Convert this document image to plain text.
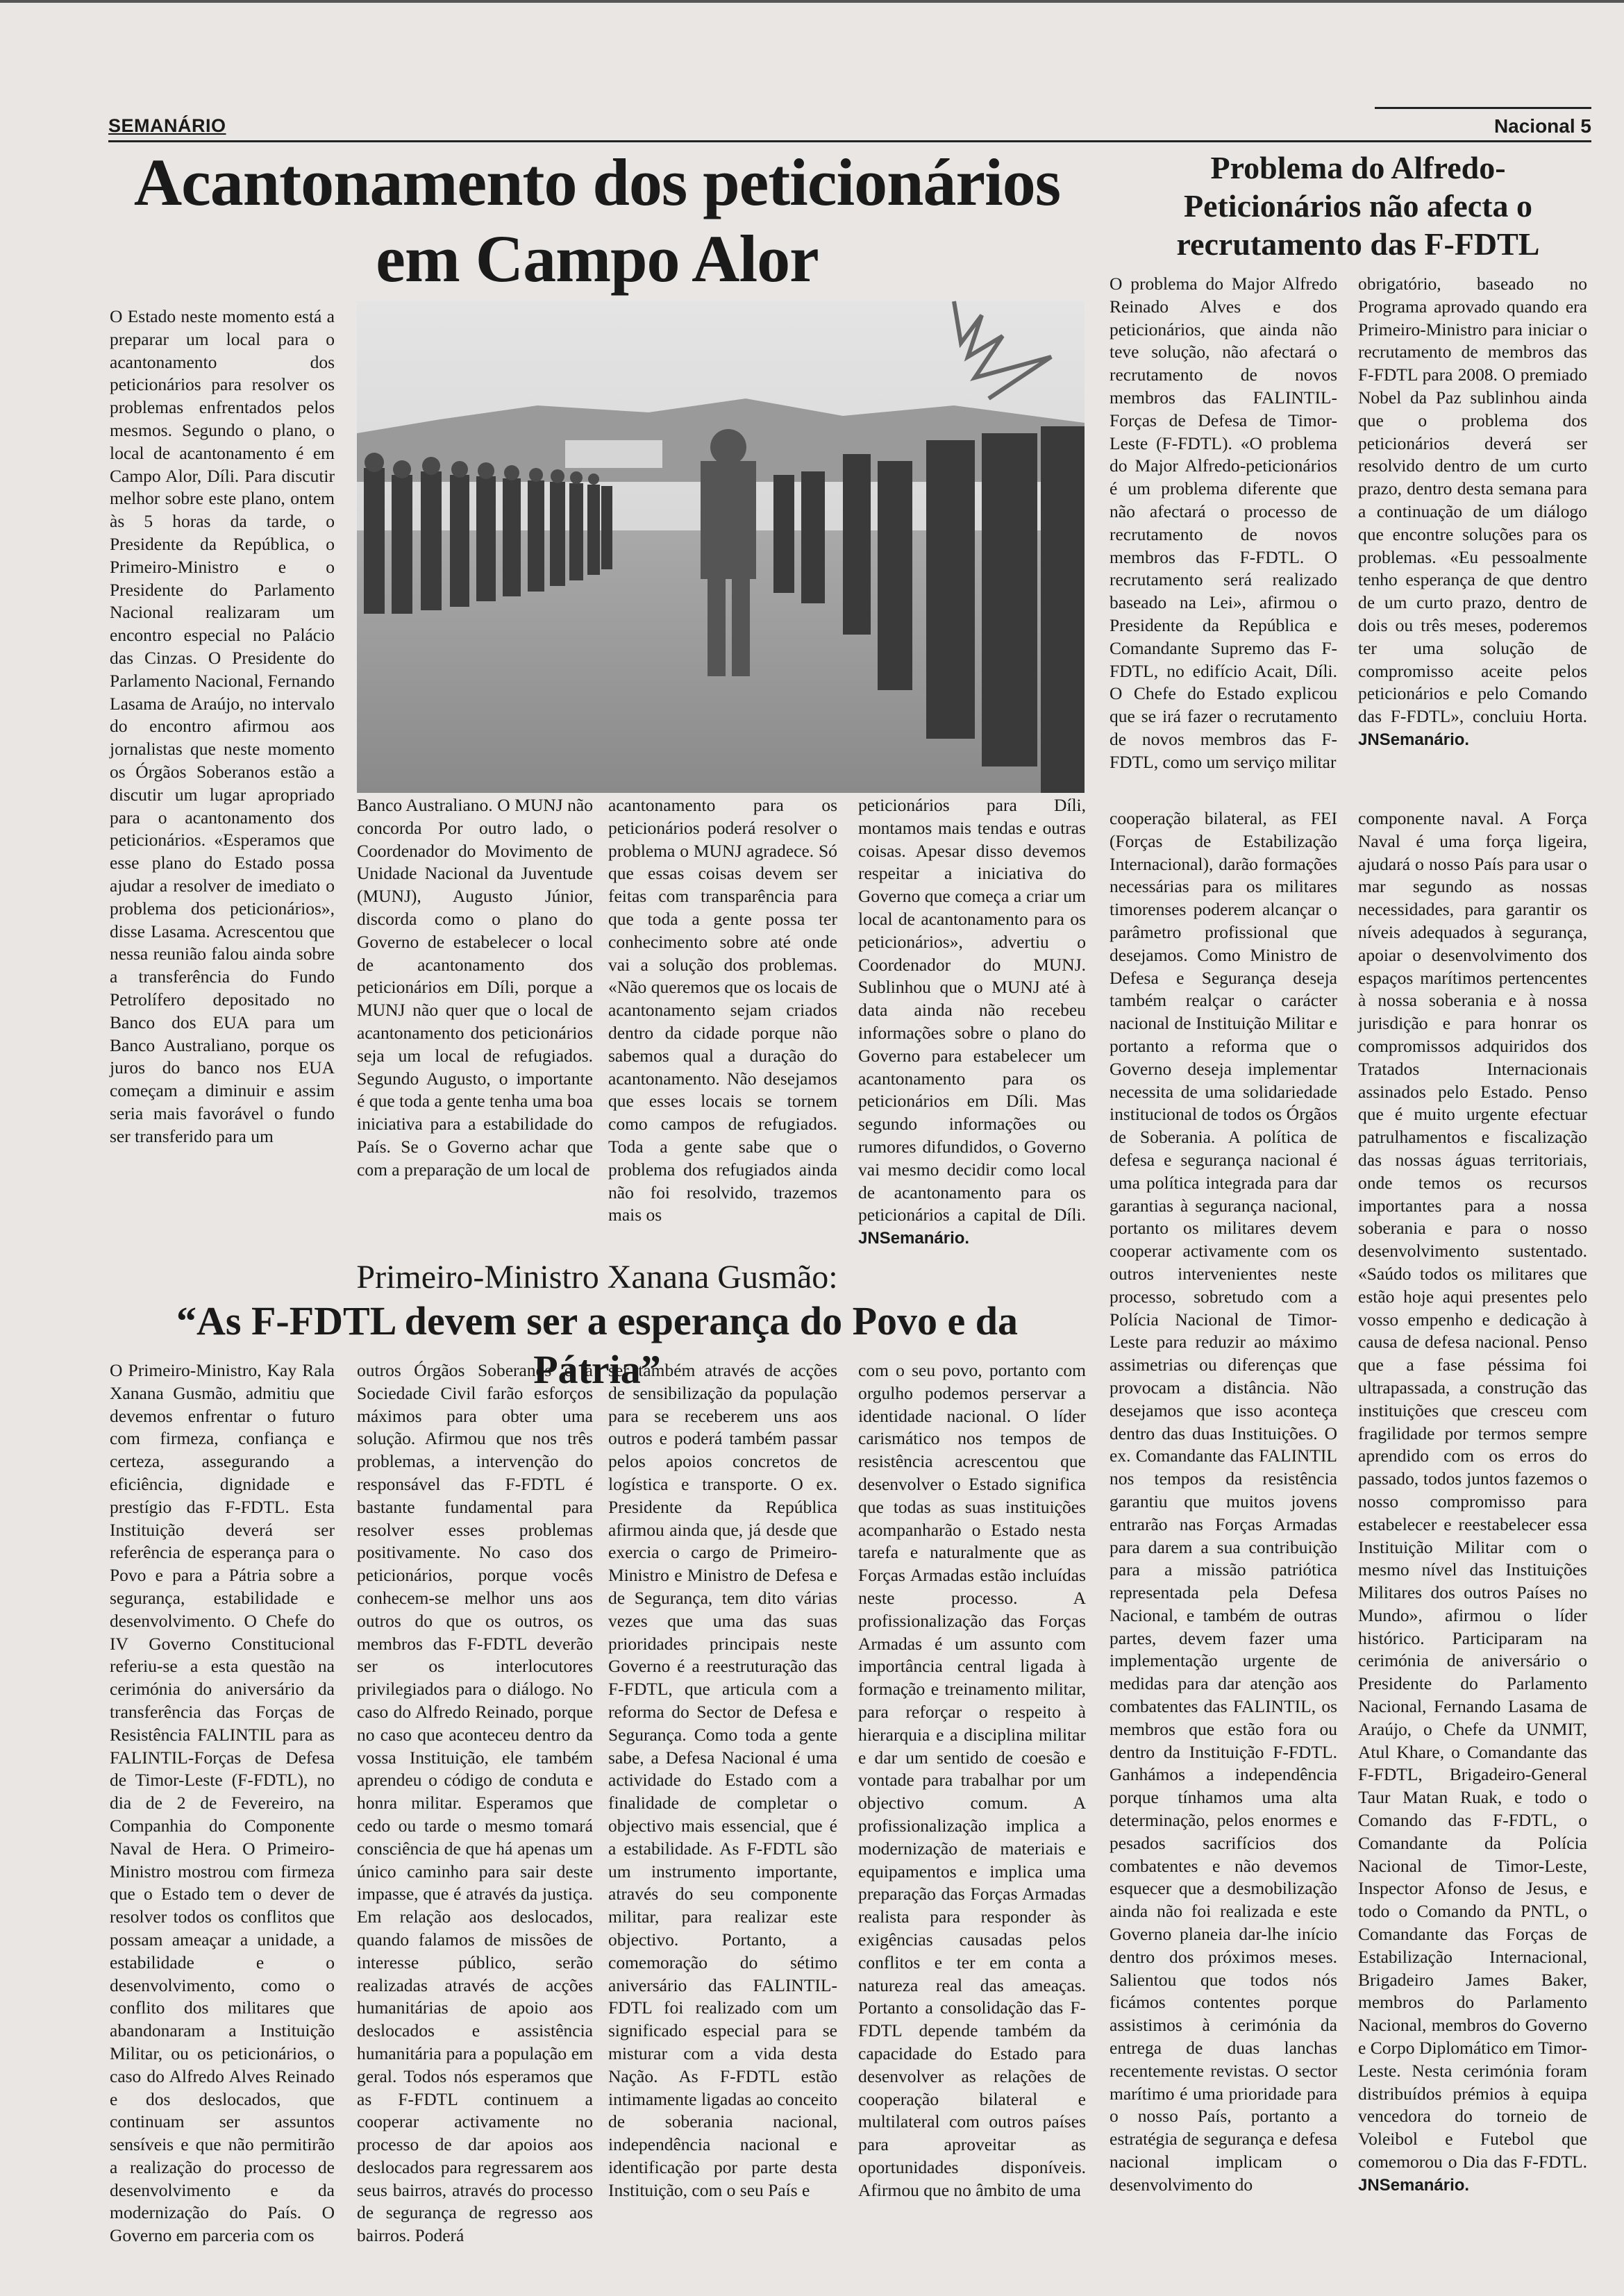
SEMANÁRIO	Nacional 5
Acantonamento dos peticionários em Campo Alor

O Estado neste momento está a preparar um local para o acantonamento dos peticionários para resolver os problemas enfrentados pelos mesmos. Segundo o plano, o local de acantonamento é em Campo Alor, Díli. Para discutir melhor sobre este plano, ontem às 5 horas da tarde, o Presidente da República, o Primeiro-Ministro e o Presidente do Parlamento Nacional realizaram um encontro especial no Palácio das Cinzas. O Presidente do Parlamento Nacional, Fernando Lasama de Araújo, no intervalo do encontro afirmou aos jornalistas que neste momento os Órgãos Soberanos estão a discutir um lugar apropriado para o acantonamento dos peticionários. «Esperamos que esse plano do Estado possa ajudar a resolver de imediato o problema dos peticionários», disse Lasama. Acrescentou que nessa reunião falou ainda sobre a transferência do Fundo Petrolífero depositado no Banco dos EUA para um Banco Australiano, porque os juros do banco nos EUA começam a diminuir e assim seria mais favorável o fundo ser transferido para um

Banco Australiano. O MUNJ não concorda Por outro lado, o Coordenador do Movimento de Unidade Nacional da Juventude (MUNJ), Augusto Júnior, discorda como o plano do Governo de estabelecer o local de acantonamento dos peticionários em Díli, porque a MUNJ não quer que o local de acantonamento dos peticionários seja um local de refugiados. Segundo Augusto, o importante é que toda a gente tenha uma boa iniciativa para a estabilidade do País. Se o Governo achar que com a preparação de um local de

acantonamento para os peticionários poderá resolver o problema o MUNJ agradece. Só que essas coisas devem ser feitas com transparência para que toda a gente possa ter conhecimento sobre até onde vai a solução dos problemas. «Não queremos que os locais de acantonamento sejam criados dentro da cidade porque não sabemos qual a duração do acantonamento. Não desejamos que esses locais se tornem como campos de refugiados. Toda a gente sabe que o problema dos refugiados ainda não foi resolvido, trazemos mais os

peticionários para Díli, montamos mais tendas e outras coisas. Apesar disso devemos respeitar a iniciativa do Governo que começa a criar um local de acantonamento para os peticionários», advertiu o Coordenador do MUNJ. Sublinhou que o MUNJ até à data ainda não recebeu informações sobre o plano do Governo para estabelecer um acantonamento para os peticionários em Díli. Mas segundo informações ou rumores difundidos, o Governo vai mesmo decidir como local de acantonamento para os peticionários a capital de Díli. JNSemanário.

Problema do Alfredo-Peticionários não afecta o recrutamento das F-FDTL

O problema do Major Alfredo Reinado Alves e dos peticionários, que ainda não teve solução, não afectará o recrutamento de novos membros das FALINTIL-Forças de Defesa de Timor-Leste (F-FDTL). «O problema do Major Alfredo-peticionários é um problema diferente que não afectará o processo de recrutamento de novos membros das F-FDTL. O recrutamento será realizado baseado na Lei», afirmou o Presidente da República e Comandante Supremo das F-FDTL, no edifício Acait, Díli. O Chefe do Estado explicou que se irá fazer o recrutamento de novos membros das F-FDTL, como um serviço militar

obrigatório, baseado no Programa aprovado quando era Primeiro-Ministro para iniciar o recrutamento de membros das F-FDTL para 2008. O premiado Nobel da Paz sublinhou ainda que o problema dos peticionários deverá ser resolvido dentro de um curto prazo, dentro desta semana para a continuação de um diálogo que encontre soluções para os problemas. «Eu pessoalmente tenho esperança de que dentro de um curto prazo, dentro de dois ou três meses, poderemos ter uma solução de compromisso aceite pelos peticionários e pelo Comando das F-FDTL», concluiu Horta. JNSemanário.

Primeiro-Ministro Xanana Gusmão:
“As F-FDTL devem ser a esperança do Povo e da Pátria”

O Primeiro-Ministro, Kay Rala Xanana Gusmão, admitiu que devemos enfrentar o futuro com firmeza, confiança e certeza, assegurando a eficiência, dignidade e prestígio das F-FDTL. Esta Instituição deverá ser referência de esperança para o Povo e para a Pátria sobre a segurança, estabilidade e desenvolvimento. O Chefe do IV Governo Constitucional referiu-se a esta questão na cerimónia do aniversário da transferência das Forças de Resistência FALINTIL para as FALINTIL-Forças de Defesa de Timor-Leste (F-FDTL), no dia de 2 de Fevereiro, na Companhia do Componente Naval de Hera. O Primeiro-Ministro mostrou com firmeza que o Estado tem o dever de resolver todos os conflitos que possam ameaçar a unidade, a estabilidade e o desenvolvimento, como o conflito dos militares que abandonaram a Instituição Militar, ou os peticionários, o caso do Alfredo Alves Reinado e dos deslocados, que continuam ser assuntos sensíveis e que não permitirão a realização do processo de desenvolvimento e da modernização do País. O Governo em parceria com os

outros Órgãos Soberanos e a Sociedade Civil farão esforços máximos para obter uma solução. Afirmou que nos três problemas, a intervenção do responsável das F-FDTL é bastante fundamental para resolver esses problemas positivamente. No caso dos peticionários, porque vocês conhecem-se melhor uns aos outros do que os outros, os membros das F-FDTL deverão ser os interlocutores privilegiados para o diálogo. No caso do Alfredo Reinado, porque no caso que aconteceu dentro da vossa Instituição, ele também aprendeu o código de conduta e honra militar. Esperamos que cedo ou tarde o mesmo tomará consciência de que há apenas um único caminho para sair deste impasse, que é através da justiça. Em relação aos deslocados, quando falamos de missões de interesse público, serão realizadas através de acções humanitárias de apoio aos deslocados e assistência humanitária para a população em geral. Todos nós esperamos que as F-FDTL continuem a cooperar activamente no processo de dar apoios aos deslocados para regressarem aos seus bairros, através do processo de segurança de regresso aos bairros. Poderá

ser também através de acções de sensibilização da população para se receberem uns aos outros e poderá também passar pelos apoios concretos de logística e transporte. O ex. Presidente da República afirmou ainda que, já desde que exercia o cargo de Primeiro-Ministro e Ministro de Defesa e de Segurança, tem dito várias vezes que uma das suas prioridades principais neste Governo é a reestruturação das F-FDTL, que articula com a reforma do Sector de Defesa e Segurança. Como toda a gente sabe, a Defesa Nacional é uma actividade do Estado com a finalidade de completar o objectivo mais essencial, que é a estabilidade. As F-FDTL são um instrumento importante, através do seu componente militar, para realizar este objectivo. Portanto, a comemoração do sétimo aniversário das FALINTIL-FDTL foi realizado com um significado especial para se misturar com a vida desta Nação. As F-FDTL estão intimamente ligadas ao conceito de soberania nacional, independência nacional e identificação por parte desta Instituição, com o seu País e

com o seu povo, portanto com orgulho podemos perservar a identidade nacional. O líder carismático nos tempos de resistência acrescentou que desenvolver o Estado significa que todas as suas instituições acompanharão o Estado nesta tarefa e naturalmente que as Forças Armadas estão incluídas neste processo. A profissionalização das Forças Armadas é um assunto com importância central ligada à formação e treinamento militar, para reforçar o respeito à hierarquia e a disciplina militar e dar um sentido de coesão e vontade para trabalhar por um objectivo comum. A profissionalização implica a modernização de materiais e equipamentos e implica uma preparação das Forças Armadas realista para responder às exigências causadas pelos conflitos e ter em conta a natureza real das ameaças. Portanto a consolidação das F-FDTL depende também da capacidade do Estado para desenvolver as relações de cooperação bilateral e multilateral com outros países para aproveitar as oportunidades disponíveis. Afirmou que no âmbito de uma

cooperação bilateral, as FEI (Forças de Estabilização Internacional), darão formações necessárias para os militares timorenses poderem alcançar o parâmetro profissional que desejamos. Como Ministro de Defesa e Segurança deseja também realçar o carácter nacional de Instituição Militar e portanto a reforma que o Governo deseja implementar necessita de uma solidariedade institucional de todos os Órgãos de Soberania. A política de defesa e segurança nacional é uma política integrada para dar garantias à segurança nacional, portanto os militares devem cooperar activamente com os outros intervenientes neste processo, sobretudo com a Polícia Nacional de Timor-Leste para reduzir ao máximo assimetrias ou diferenças que provocam a distância. Não desejamos que isso aconteça dentro das duas Instituições. O ex. Comandante das FALINTIL nos tempos da resistência garantiu que muitos jovens entrarão nas Forças Armadas para darem a sua contribuição para a missão patriótica representada pela Defesa Nacional, e também de outras partes, devem fazer uma implementação urgente de medidas para dar atenção aos combatentes das FALINTIL, os membros que estão fora ou dentro da Instituição F-FDTL. Ganhámos a independência porque tínhamos uma alta determinação, pelos enormes e pesados sacrifícios dos combatentes e não devemos esquecer que a desmobilização ainda não foi realizada e este Governo planeia dar-lhe início dentro dos próximos meses. Salientou que todos nós ficámos contentes porque assistimos à cerimónia da entrega de duas lanchas recentemente revistas. O sector marítimo é uma prioridade para o nosso País, portanto a estratégia de segurança e defesa nacional implicam o desenvolvimento do

componente naval. A Força Naval é uma força ligeira, ajudará o nosso País para usar o mar segundo as nossas necessidades, para garantir os níveis adequados à segurança, apoiar o desenvolvimento dos espaços marítimos pertencentes à nossa soberania e à nossa jurisdição e para honrar os compromissos adquiridos dos Tratados Internacionais assinados pelo Estado. Penso que é muito urgente efectuar patrulhamentos e fiscalização das nossas águas territoriais, onde temos os recursos importantes para a nossa soberania e para o nosso desenvolvimento sustentado. «Saúdo todos os militares que estão hoje aqui presentes pelo vosso empenho e dedicação à causa de defesa nacional. Penso que a fase péssima foi ultrapassada, a construção das instituições que cresceu com fragilidade por termos sempre aprendido com os erros do passado, todos juntos fazemos o nosso compromisso para estabelecer e reestabelecer essa Instituição Militar com o mesmo nível das Instituições Militares dos outros Países no Mundo», afirmou o líder histórico. Participaram na cerimónia de aniversário o Presidente do Parlamento Nacional, Fernando Lasama de Araújo, o Chefe da UNMIT, Atul Khare, o Comandante das F-FDTL, Brigadeiro-General Taur Matan Ruak, e todo o Comando das F-FDTL, o Comandante da Polícia Nacional de Timor-Leste, Inspector Afonso de Jesus, e todo o Comando da PNTL, o Comandante das Forças de Estabilização Internacional, Brigadeiro James Baker, membros do Parlamento Nacional, membros do Governo e Corpo Diplomático em Timor-Leste. Nesta cerimónia foram distribuídos prémios à equipa vencedora do torneio de Voleibol e Futebol que comemorou o Dia das F-FDTL. JNSemanário.
